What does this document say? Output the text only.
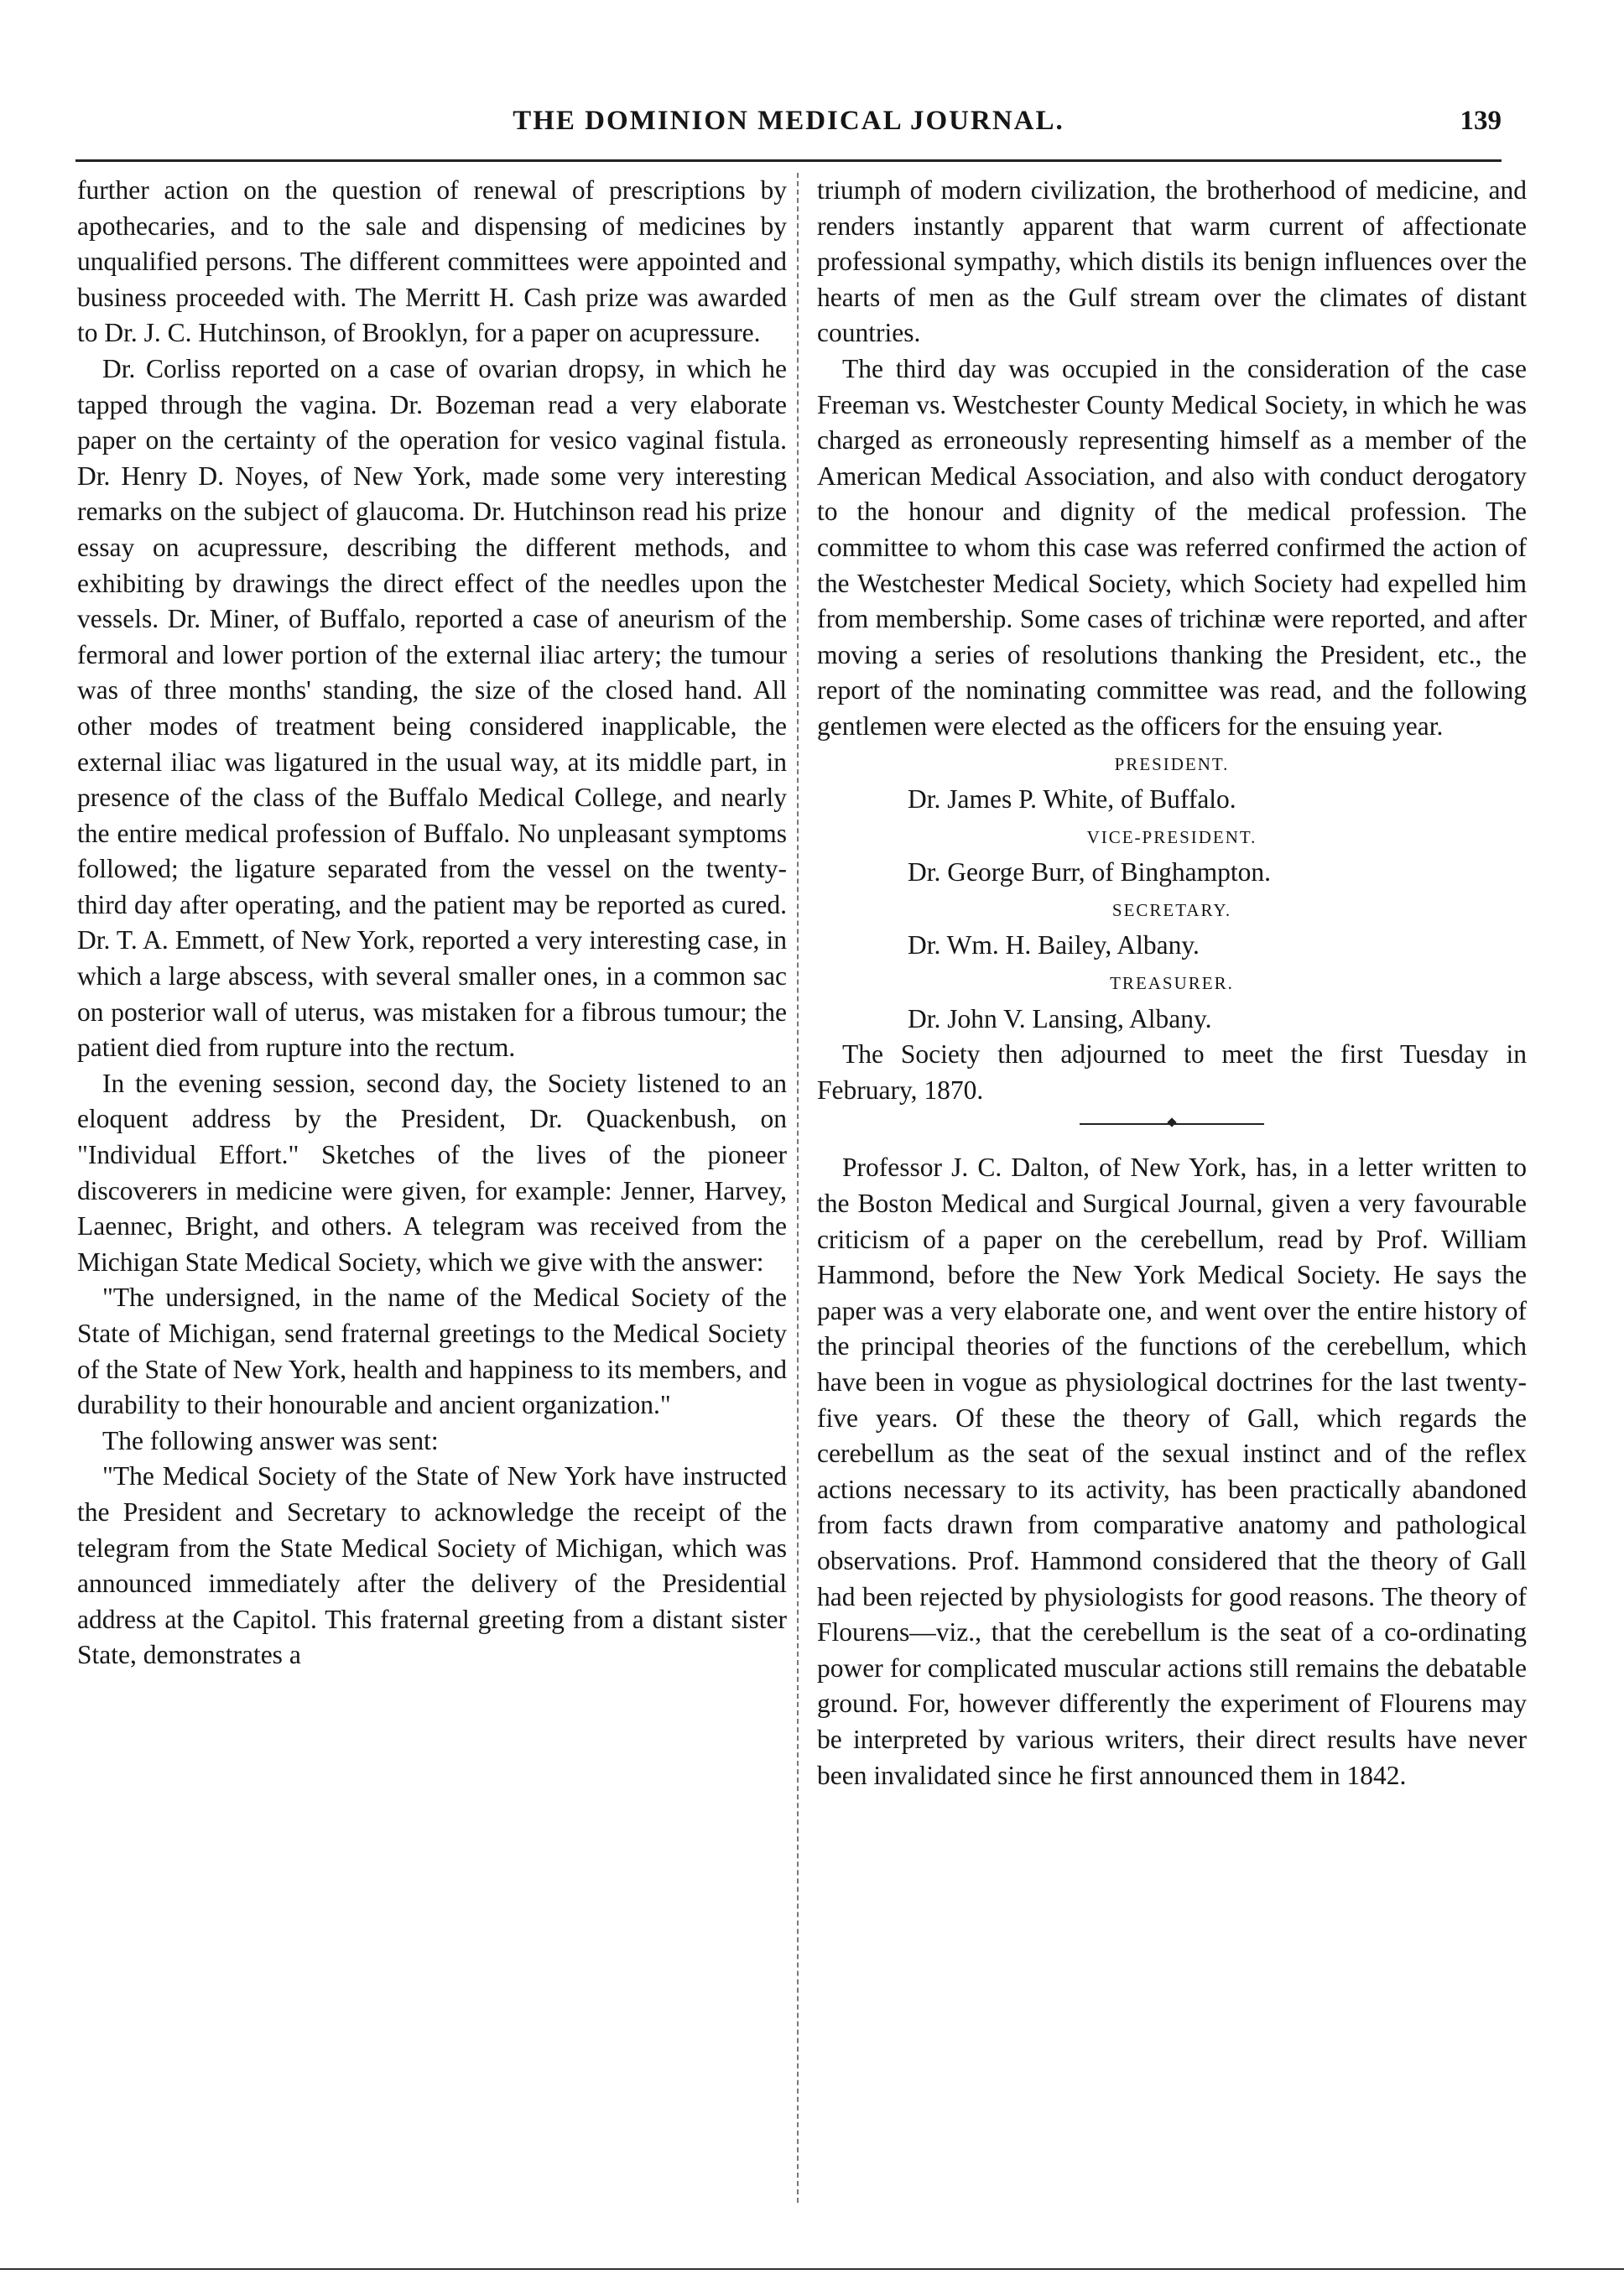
THE DOMINION MEDICAL JOURNAL.	139

further action on the question of renewal of prescriptions by apothecaries, and to the sale and dispensing of medicines by unqualified persons. The different committees were appointed and business proceeded with. The Merritt H. Cash prize was awarded to Dr. J. C. Hutchinson, of Brooklyn, for a paper on acupressure.

Dr. Corliss reported on a case of ovarian dropsy, in which he tapped through the vagina. Dr. Bozeman read a very elaborate paper on the certainty of the operation for vesico vaginal fistula. Dr. Henry D. Noyes, of New York, made some very interesting remarks on the subject of glaucoma. Dr. Hutchinson read his prize essay on acupressure, describing the different methods, and exhibiting by drawings the direct effect of the needles upon the vessels. Dr. Miner, of Buffalo, reported a case of aneurism of the fermoral and lower portion of the external iliac artery; the tumour was of three months' standing, the size of the closed hand. All other modes of treatment being considered inapplicable, the external iliac was ligatured in the usual way, at its middle part, in presence of the class of the Buffalo Medical College, and nearly the entire medical profession of Buffalo. No unpleasant symptoms followed; the ligature separated from the vessel on the twenty-third day after operating, and the patient may be reported as cured. Dr. T. A. Emmett, of New York, reported a very interesting case, in which a large abscess, with several smaller ones, in a common sac on posterior wall of uterus, was mistaken for a fibrous tumour; the patient died from rupture into the rectum.

In the evening session, second day, the Society listened to an eloquent address by the President, Dr. Quackenbush, on "Individual Effort." Sketches of the lives of the pioneer discoverers in medicine were given, for example: Jenner, Harvey, Laennec, Bright, and others. A telegram was received from the Michigan State Medical Society, which we give with the answer:

"The undersigned, in the name of the Medical Society of the State of Michigan, send fraternal greetings to the Medical Society of the State of New York, health and happiness to its members, and durability to their honourable and ancient organization."

The following answer was sent:

"The Medical Society of the State of New York have instructed the President and Secretary to acknowledge the receipt of the telegram from the State Medical Society of Michigan, which was announced immediately after the delivery of the Presidential address at the Capitol. This fraternal greeting from a distant sister State, demonstrates a

triumph of modern civilization, the brotherhood of medicine, and renders instantly apparent that warm current of affectionate professional sympathy, which distils its benign influences over the hearts of men as the Gulf stream over the climates of distant countries.

The third day was occupied in the consideration of the case Freeman vs. Westchester County Medical Society, in which he was charged as erroneously representing himself as a member of the American Medical Association, and also with conduct derogatory to the honour and dignity of the medical profession. The committee to whom this case was referred confirmed the action of the Westchester Medical Society, which Society had expelled him from membership. Some cases of trichinæ were reported, and after moving a series of resolutions thanking the President, etc., the report of the nominating committee was read, and the following gentlemen were elected as the officers for the ensuing year.

PRESIDENT.

Dr. James P. White, of Buffalo.

VICE-PRESIDENT.

Dr. George Burr, of Binghampton.

SECRETARY.

Dr. Wm. H. Bailey, Albany.

TREASURER.

Dr. John V. Lansing, Albany.

The Society then adjourned to meet the first Tuesday in February, 1870.

Professor J. C. Dalton, of New York, has, in a letter written to the Boston Medical and Surgical Journal, given a very favourable criticism of a paper on the cerebellum, read by Prof. William Hammond, before the New York Medical Society. He says the paper was a very elaborate one, and went over the entire history of the principal theories of the functions of the cerebellum, which have been in vogue as physiological doctrines for the last twenty-five years. Of these the theory of Gall, which regards the cerebellum as the seat of the sexual instinct and of the reflex actions necessary to its activity, has been practically abandoned from facts drawn from comparative anatomy and pathological observations. Prof. Hammond considered that the theory of Gall had been rejected by physiologists for good reasons. The theory of Flourens—viz., that the cerebellum is the seat of a co-ordinating power for complicated muscular actions still remains the debatable ground. For, however differently the experiment of Flourens may be interpreted by various writers, their direct results have never been invalidated since he first announced them in 1842.
